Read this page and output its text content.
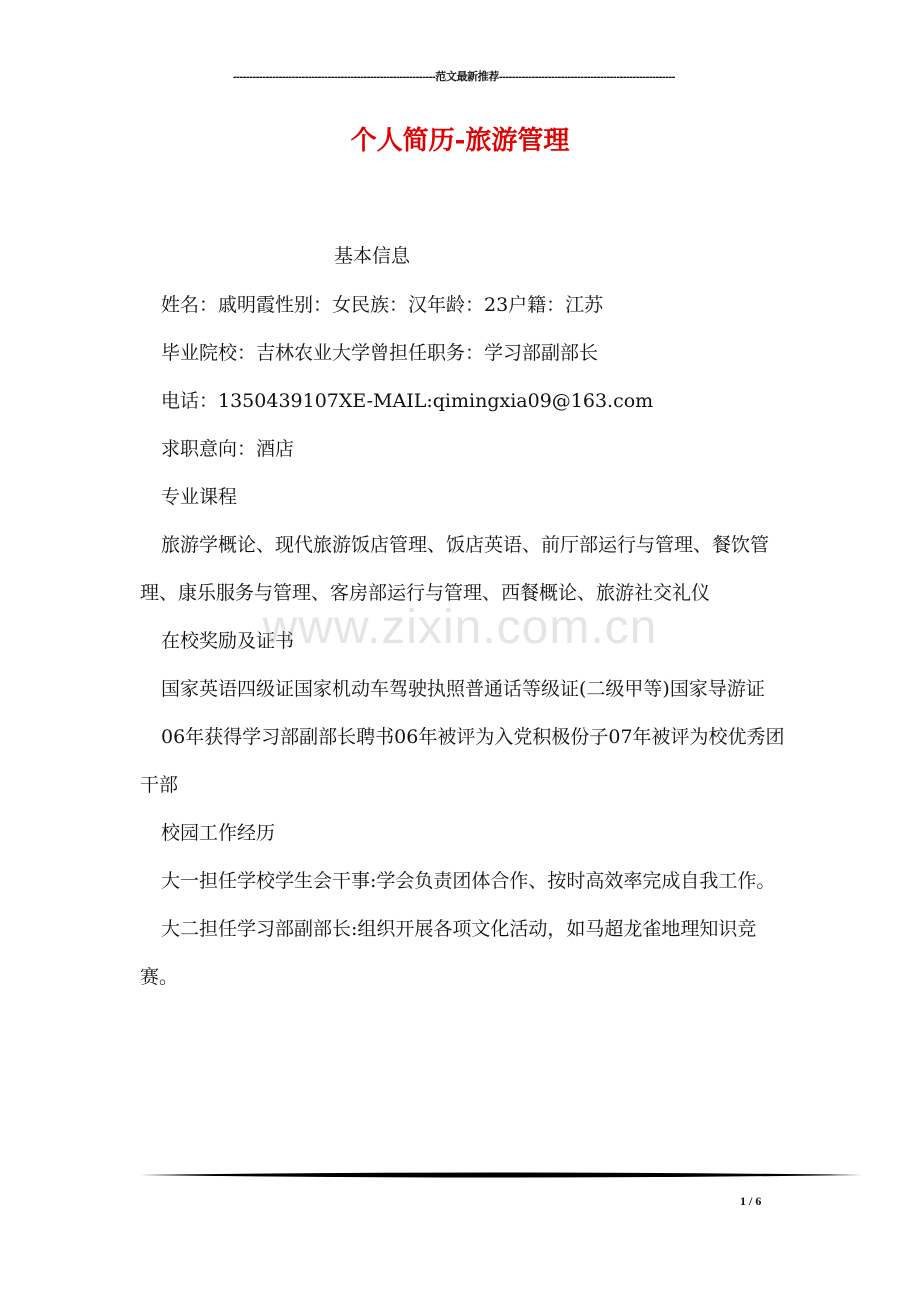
--------------------------------------------------------------范文最新推荐------------------------------------------------------
个人简历-旅游管理

基本信息

姓名：戚明霞性别：女民族：汉年龄：23户籍：江苏

毕业院校：吉林农业大学曾担任职务：学习部副部长

电话：1350439107XE-MAIL:qimingxia09@163.com

求职意向：酒店

专业课程

旅游学概论、现代旅游饭店管理、饭店英语、前厅部运行与管理、餐饮管理、康乐服务与管理、客房部运行与管理、西餐概论、旅游社交礼仪

在校奖励及证书

国家英语四级证国家机动车驾驶执照普通话等级证(二级甲等)国家导游证

06年获得学习部副部长聘书06年被评为入党积极份子07年被评为校优秀团干部

校园工作经历

大一担任学校学生会干事:学会负责团体合作、按时高效率完成自我工作。

大二担任学习部副部长:组织开展各项文化活动，如马超龙雀地理知识竞赛。

www.zixin.com.cn
1 / 6
